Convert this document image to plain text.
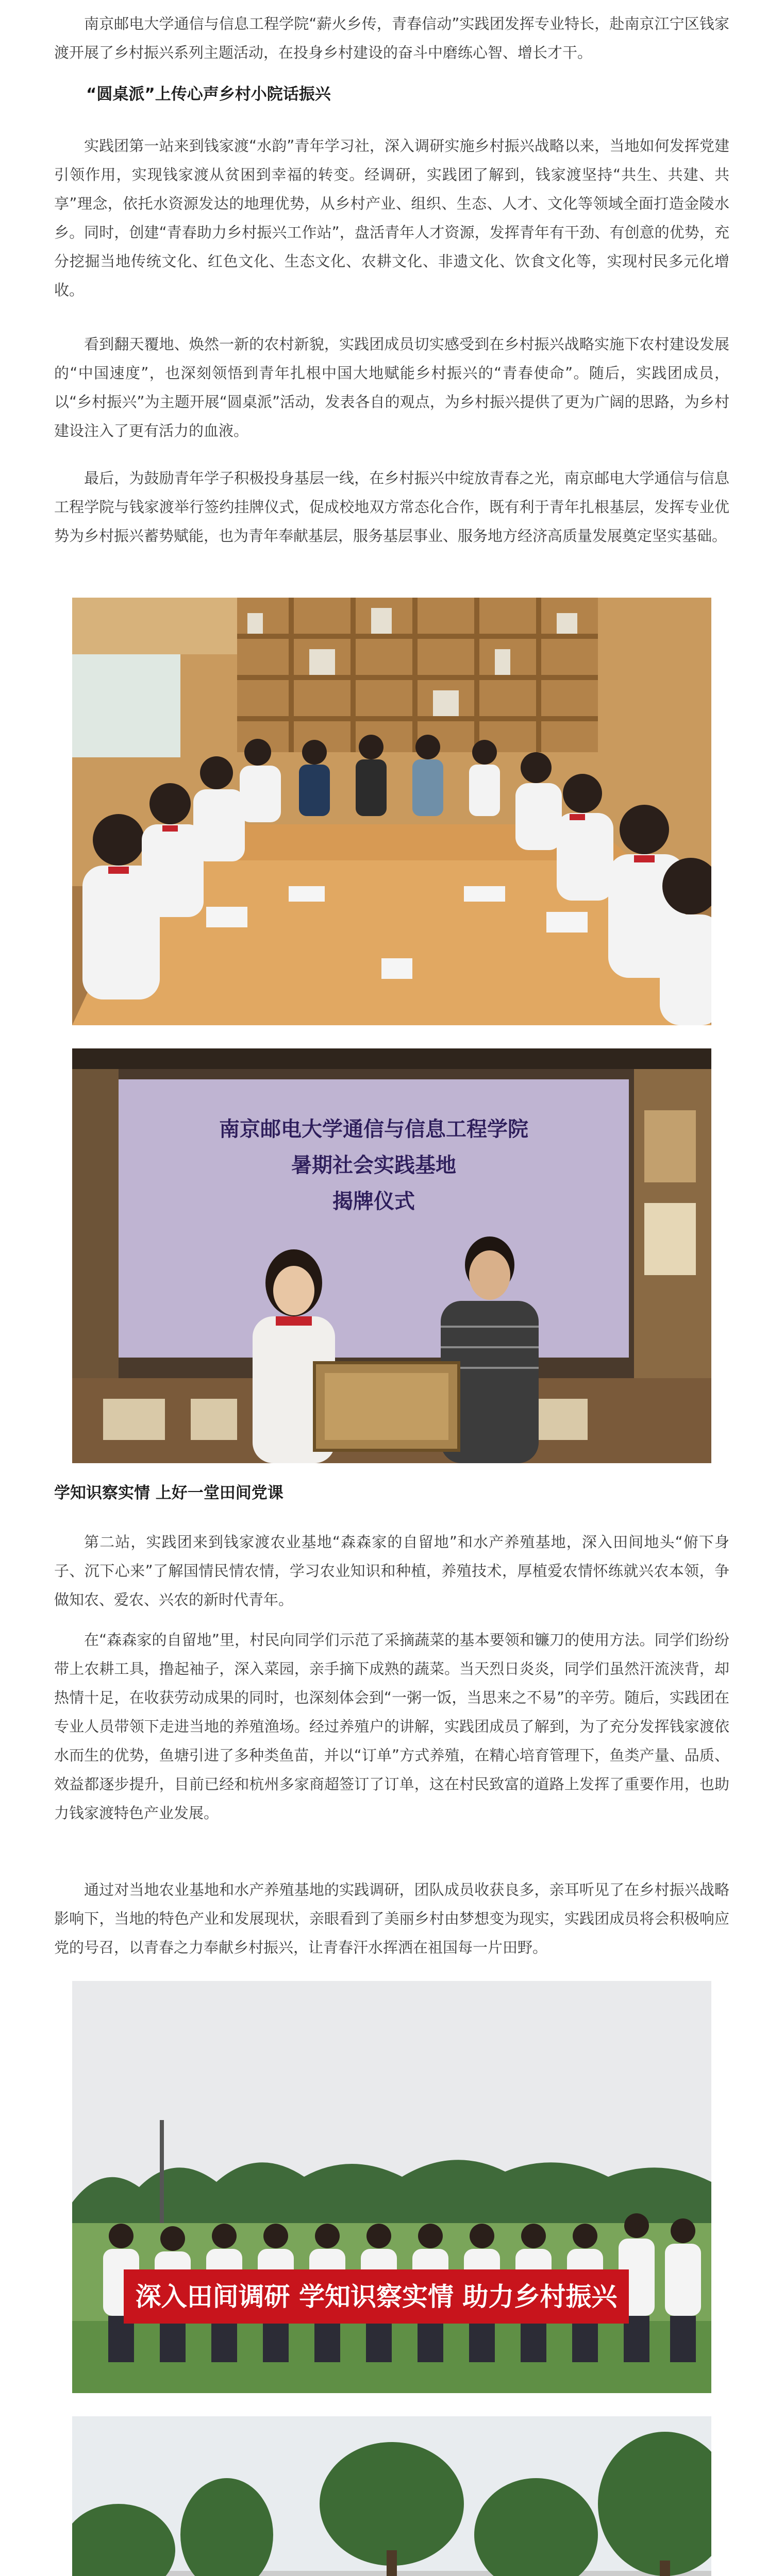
南京邮电大学通信与信息工程学院“薪火乡传，青春信动”实践团发挥专业特长，赴南京江宁区钱家渡开展了乡村振兴系列主题活动，在投身乡村建设的奋斗中磨练心智、增长才干。

“圆桌派”上传心声乡村小院话振兴

实践团第一站来到钱家渡“水韵”青年学习社，深入调研实施乡村振兴战略以来，当地如何发挥党建引领作用，实现钱家渡从贫困到幸福的转变。经调研，实践团了解到，钱家渡坚持“共生、共建、共享”理念，依托水资源发达的地理优势，从乡村产业、组织、生态、人才、文化等领域全面打造金陵水乡。同时，创建“青春助力乡村振兴工作站”，盘活青年人才资源，发挥青年有干劲、有创意的优势，充分挖掘当地传统文化、红色文化、生态文化、农耕文化、非遗文化、饮食文化等，实现村民多元化增收。

看到翻天覆地、焕然一新的农村新貌，实践团成员切实感受到在乡村振兴战略实施下农村建设发展的“中国速度”，也深刻领悟到青年扎根中国大地赋能乡村振兴的“青春使命”。随后，实践团成员，以“乡村振兴”为主题开展“圆桌派”活动，发表各自的观点，为乡村振兴提供了更为广阔的思路，为乡村建设注入了更有活力的血液。

最后，为鼓励青年学子积极投身基层一线，在乡村振兴中绽放青春之光，南京邮电大学通信与信息工程学院与钱家渡举行签约挂牌仪式，促成校地双方常态化合作，既有利于青年扎根基层，发挥专业优势为乡村振兴蓄势赋能，也为青年奉献基层，服务基层事业、服务地方经济高质量发展奠定坚实基础。

南京邮电大学通信与信息工程学院
暑期社会实践基地
揭牌仪式
学知识察实情 上好一堂田间党课

第二站，实践团来到钱家渡农业基地“森森家的自留地”和水产养殖基地，深入田间地头“俯下身子、沉下心来”了解国情民情农情，学习农业知识和种植，养殖技术，厚植爱农情怀练就兴农本领，争做知农、爱农、兴农的新时代青年。

在“森森家的自留地”里，村民向同学们示范了采摘蔬菜的基本要领和镰刀的使用方法。同学们纷纷带上农耕工具，撸起袖子，深入菜园，亲手摘下成熟的蔬菜。当天烈日炎炎，同学们虽然汗流浃背，却热情十足，在收获劳动成果的同时，也深刻体会到“一粥一饭，当思来之不易”的辛劳。随后，实践团在专业人员带领下走进当地的养殖渔场。经过养殖户的讲解，实践团成员了解到，为了充分发挥钱家渡依水而生的优势，鱼塘引进了多种类鱼苗，并以“订单”方式养殖，在精心培育管理下，鱼类产量、品质、效益都逐步提升，目前已经和杭州多家商超签订了订单，这在村民致富的道路上发挥了重要作用，也助力钱家渡特色产业发展。

通过对当地农业基地和水产养殖基地的实践调研，团队成员收获良多，亲耳听见了在乡村振兴战略影响下，当地的特色产业和发展现状，亲眼看到了美丽乡村由梦想变为现实，实践团成员将会积极响应党的号召，以青春之力奉献乡村振兴，让青春汗水挥洒在祖国每一片田野。

深入田间调研 学知识察实情 助力乡村振兴
